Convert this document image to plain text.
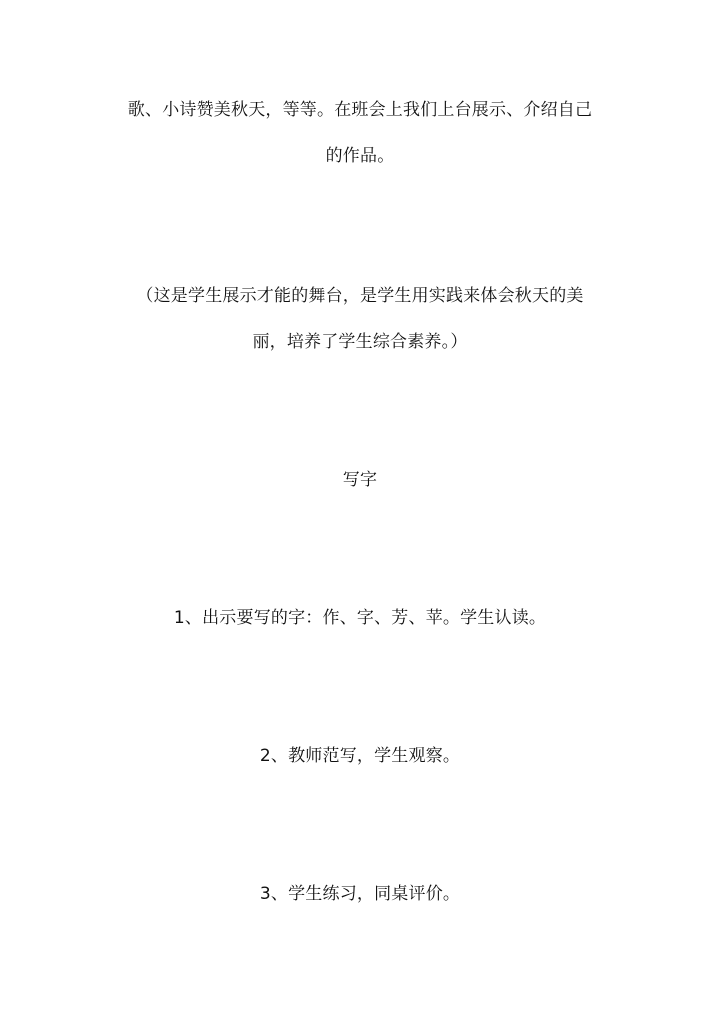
歌、小诗赞美秋天，等等。在班会上我们上台展示、介绍自己
的作品。
（这是学生展示才能的舞台，是学生用实践来体会秋天的美
丽，培养了学生综合素养。）
写字
1、出示要写的字：作、字、芳、苹。学生认读。
2、教师范写，学生观察。
3、学生练习，同桌评价。
